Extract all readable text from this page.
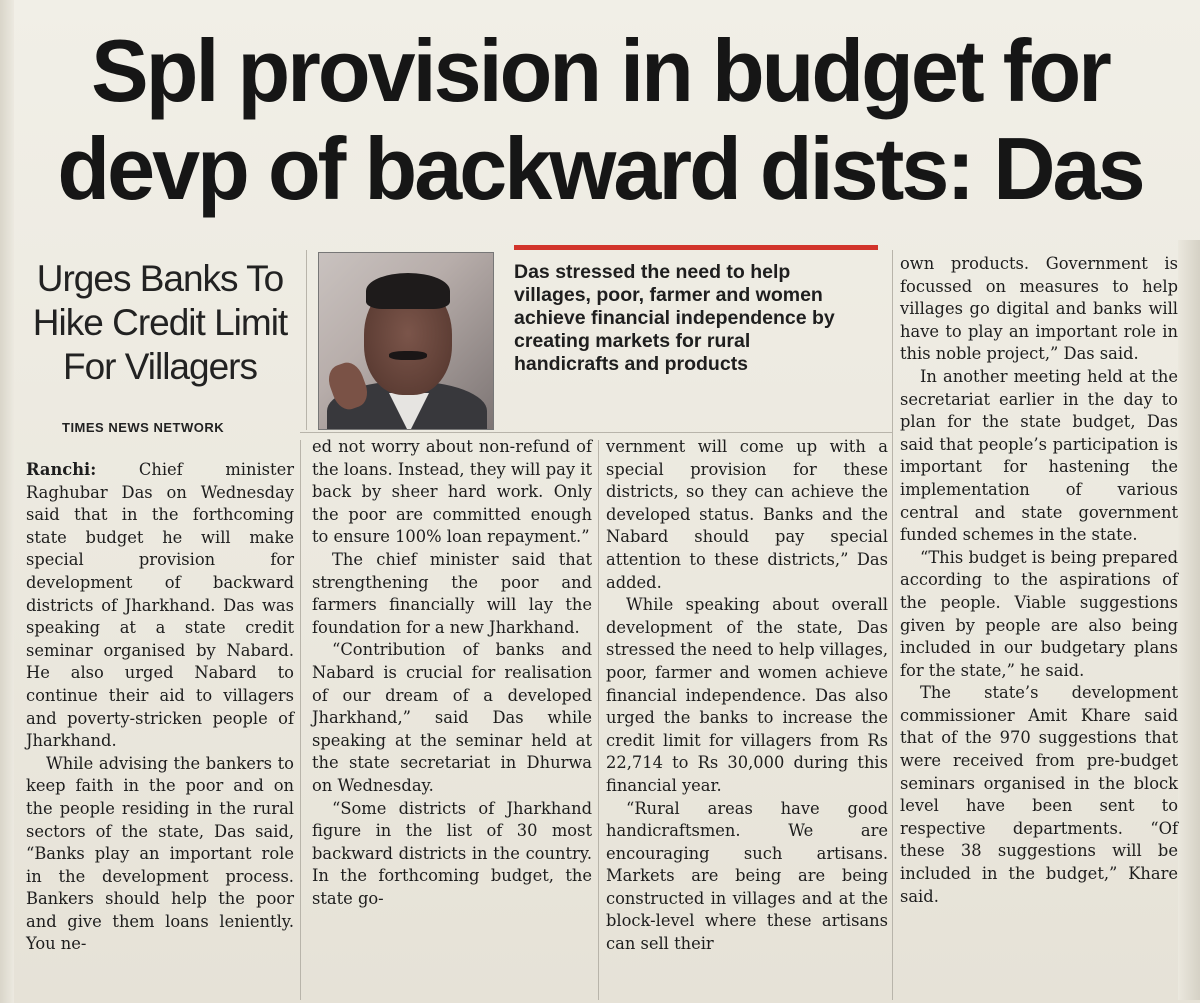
Spl provision in budget for
devp of backward dists: Das
Urges Banks To
Hike Credit Limit
For Villagers
TIMES NEWS NETWORK
Das stressed the need to help villages, poor, farmer and women achieve financial independence by creating markets for rural handicrafts and products

Ranchi:	Chief minister Raghubar Das on Wednesday said that in the forthcoming state budget he will make special provision for development of backward districts of Jharkhand. Das was speaking at a state credit seminar organised by Nabard. He also urged Nabard to continue their aid to villagers and poverty-stricken people of Jharkhand.

While advising the bankers to keep faith in the poor and on the people residing in the rural sectors of the state, Das said, “Banks play an important role in the development process. Bankers should help the poor and give them loans leniently. You ne-

ed not worry about non-refund of the loans. Instead, they will pay it back by sheer hard work. Only the poor are committed enough to ensure 100% loan repayment.”

The chief minister said that strengthening the poor and farmers financially will lay the foundation for a new Jharkhand.

“Contribution of banks and Nabard is crucial for realisation of our dream of a developed Jharkhand,” said Das while speaking at the seminar held at the state secretariat in Dhurwa on Wednesday.

“Some districts of Jharkhand figure in the list of 30 most backward districts in the country. In the forthcoming budget, the state go-

vernment will come up with a special provision for these districts, so they can achieve the developed status. Banks and the Nabard should pay special attention to these districts,” Das added.

While speaking about overall development of the state, Das stressed the need to help villages, poor, farmer and women achieve financial independence. Das also urged the banks to increase the credit limit for villagers from Rs 22,714 to Rs 30,000 during this financial year.

“Rural areas have good handicraftsmen. We are encouraging such artisans. Markets are being are being constructed in villages and at the block-level where these artisans can sell their

own products. Government is focussed on measures to help villages go digital and banks will have to play an important role in this noble project,” Das said.

In another meeting held at the secretariat earlier in the day to plan for the state budget, Das said that people’s participation is important for hastening the implementation of various central and state government funded schemes in the state.

“This budget is being prepared according to the aspirations of the people. Viable suggestions given by people are also being included in our budgetary plans for the state,” he said.

The state’s development commissioner Amit Khare said that of the 970 suggestions that were received from pre-budget seminars organised in the block level have been sent to respective departments. “Of these 38 suggestions will be included in the budget,” Khare said.
